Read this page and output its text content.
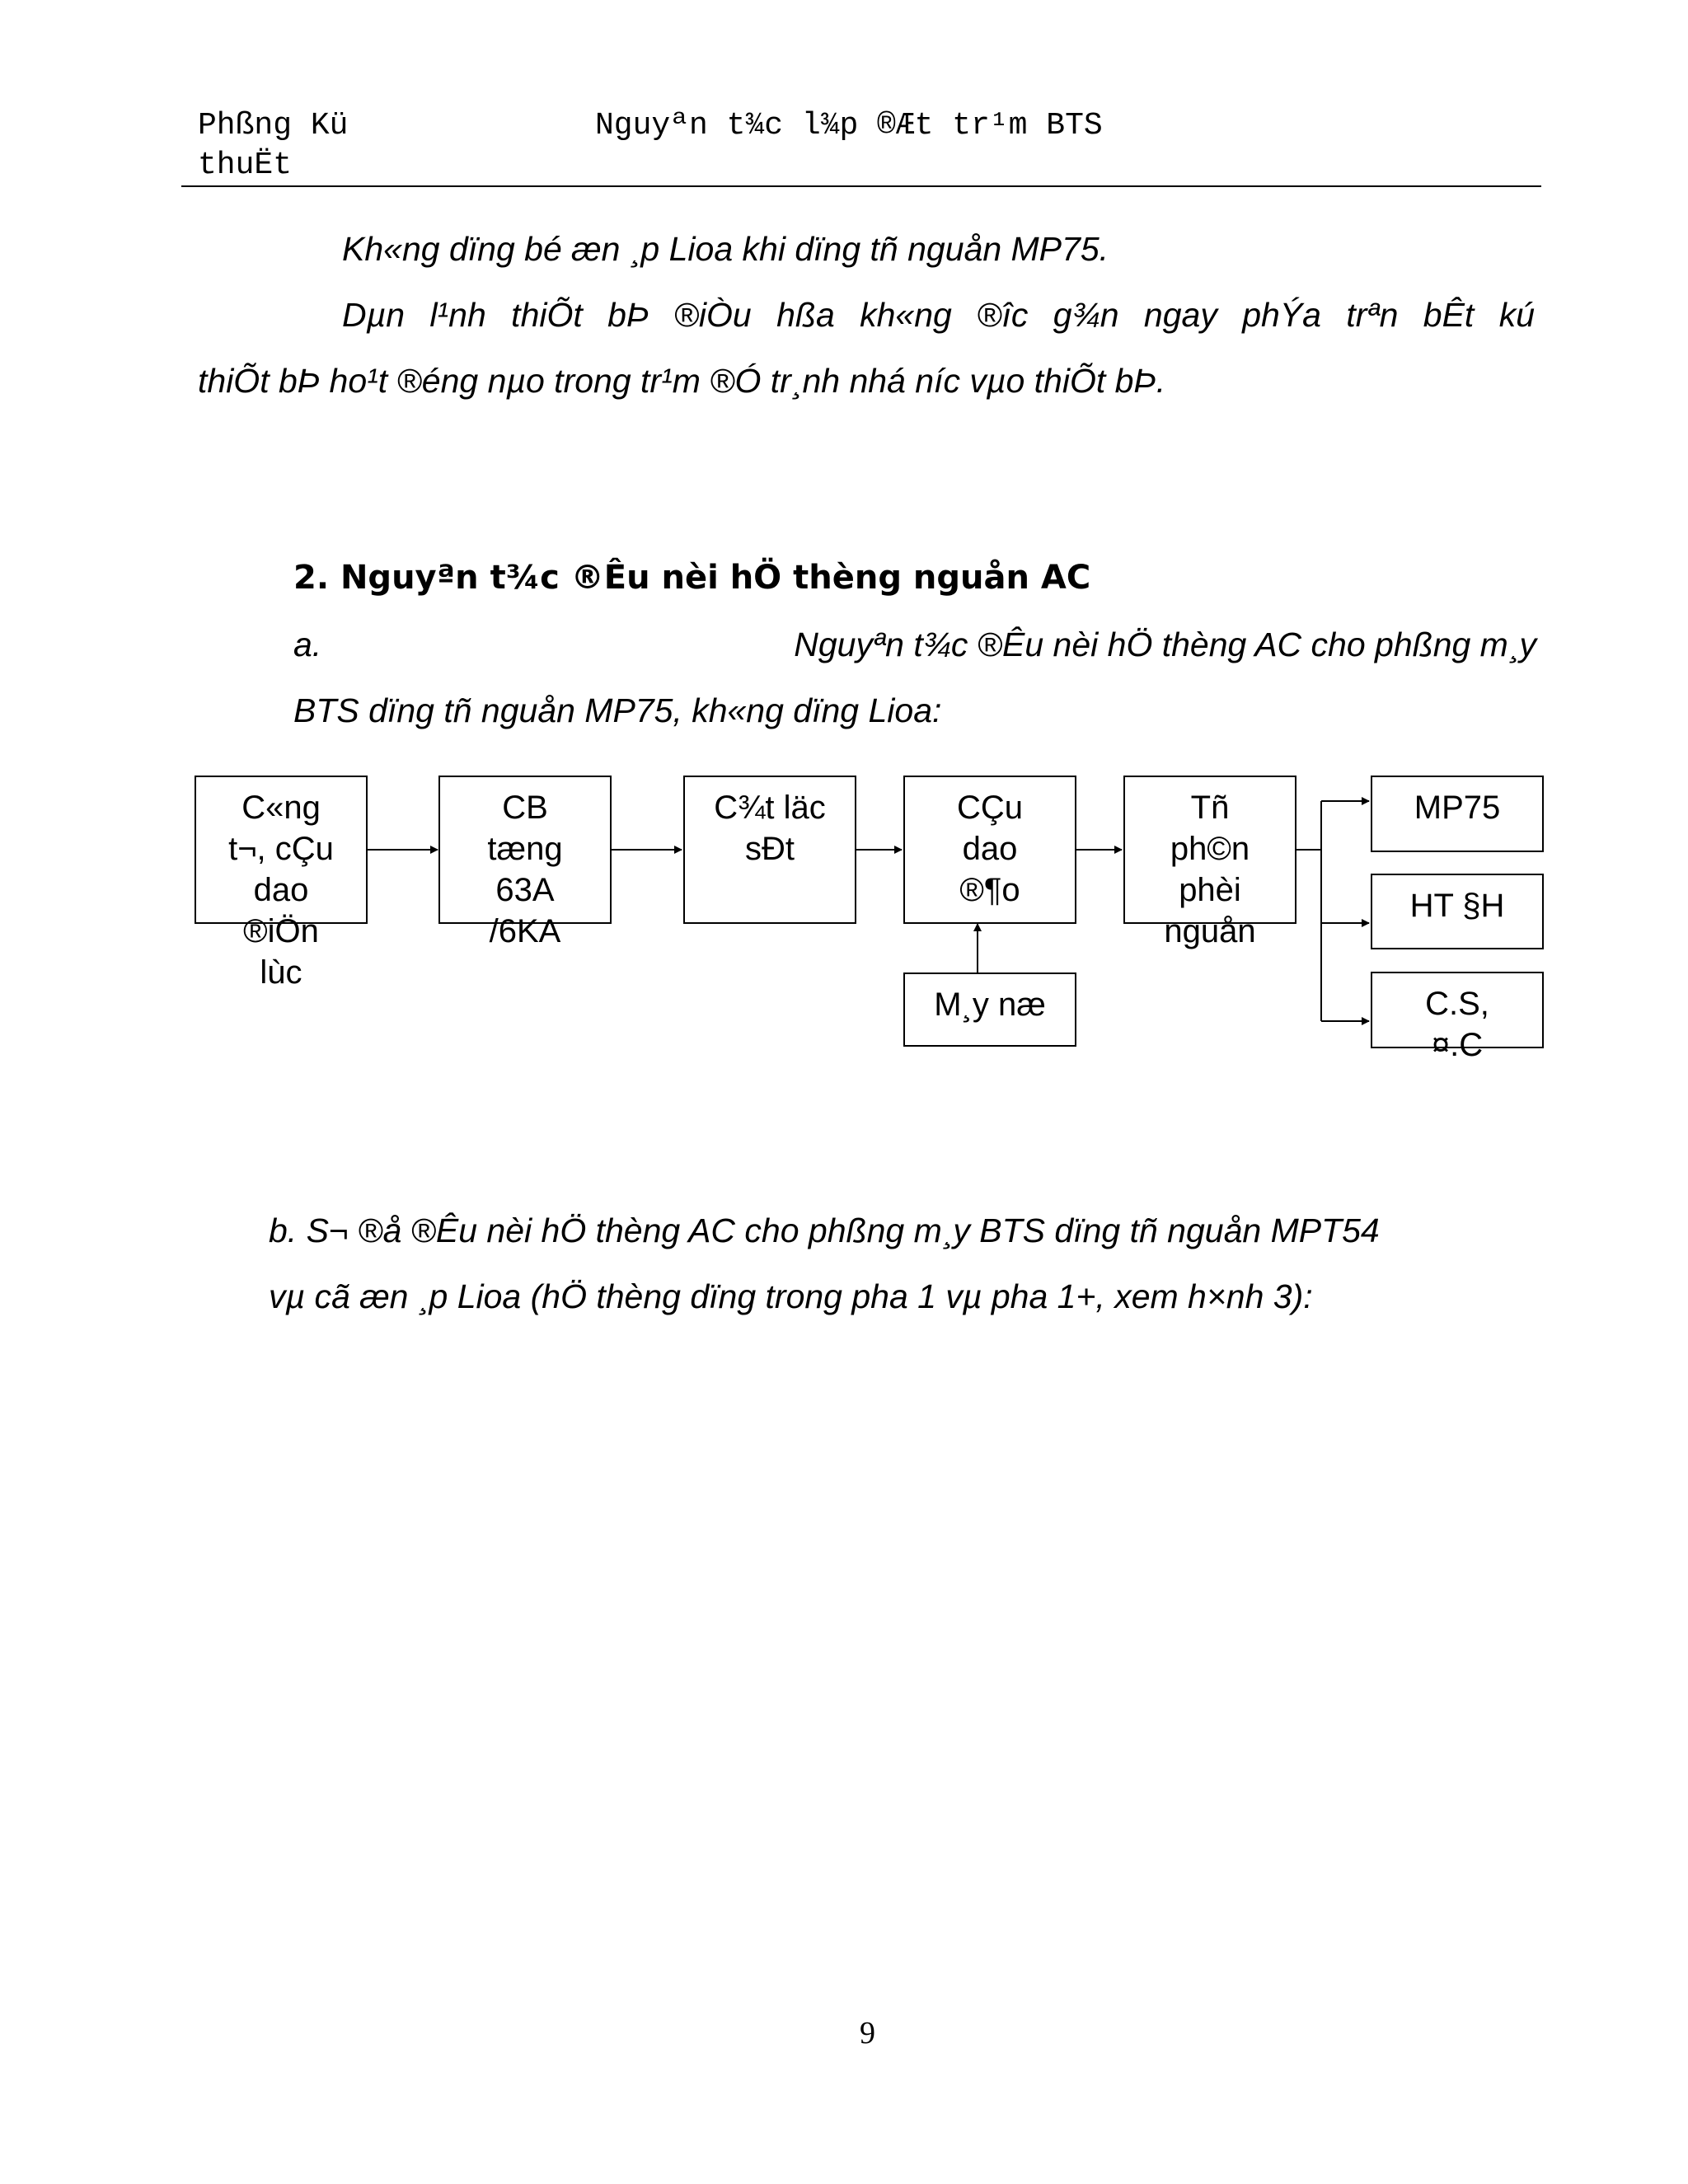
Phßng Kü
thuËt
Nguyªn t¾c l¾p ®Æt tr¹m BTS
Kh«ng dïng bé æn ¸p Lioa khi dïng tñ nguån MP75.
Dµn l¹nh thiÕt bÞ ®iÒu hßa kh«ng ®îc g¾n ngay phÝa trªn bÊt kú
thiÕt bÞ ho¹t ®éng nµo trong tr¹m ®Ó tr¸nh nhá níc vµo thiÕt bÞ.
2. Nguyªn t¾c ®Êu nèi hÖ thèng nguån AC
a.	Nguyªn t¾c ®Êu nèi hÖ thèng AC cho phßng m¸y
BTS dïng tñ nguån MP75, kh«ng dïng Lioa:
C«ng
t¬, cÇu
dao
®iÖn
lùc
CB
tæng
63A
/6KA
C¾t läc
sÐt
CÇu
dao
®¶o
Tñ
ph©n
phèi
nguån
MP75
HT §H
C.S,
¤.C
M¸y næ
b. S¬ ®å ®Êu nèi hÖ thèng AC cho phßng m¸y BTS dïng tñ nguån MPT54
vµ cã æn ¸p Lioa (hÖ thèng dïng trong pha 1 vµ pha 1+, xem h×nh 3):
9
